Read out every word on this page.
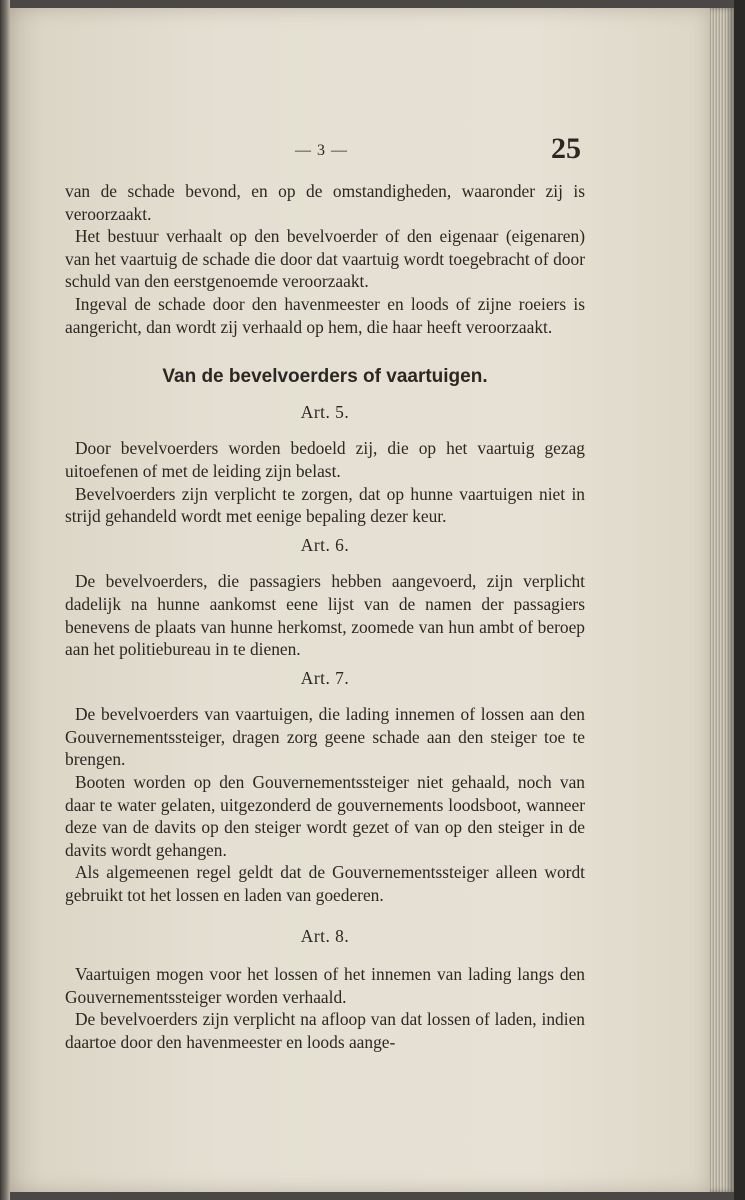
— 3 —	25

van de schade bevond, en op de omstandigheden, waaronder zij is veroorzaakt.

Het bestuur verhaalt op den bevelvoerder of den eigenaar (eigenaren) van het vaartuig de schade die door dat vaartuig wordt toegebracht of door schuld van den eerstgenoemde veroorzaakt.

Ingeval de schade door den havenmeester en loods of zijne roeiers is aangericht, dan wordt zij verhaald op hem, die haar heeft veroorzaakt.

Van de bevelvoerders of vaartuigen.
Art. 5.

Door bevelvoerders worden bedoeld zij, die op het vaartuig gezag uitoefenen of met de leiding zijn belast.

Bevelvoerders zijn verplicht te zorgen, dat op hunne vaartuigen niet in strijd gehandeld wordt met eenige bepaling dezer keur.

Art. 6.

De bevelvoerders, die passagiers hebben aangevoerd, zijn verplicht dadelijk na hunne aankomst eene lijst van de namen der passagiers benevens de plaats van hunne herkomst, zoomede van hun ambt of beroep aan het politiebureau in te dienen.

Art. 7.

De bevelvoerders van vaartuigen, die lading innemen of lossen aan den Gouvernementssteiger, dragen zorg geene schade aan den steiger toe te brengen.

Booten worden op den Gouvernementssteiger niet gehaald, noch van daar te water gelaten, uitgezonderd de gouvernements loodsboot, wanneer deze van de davits op den steiger wordt gezet of van op den steiger in de davits wordt gehangen.

Als algemeenen regel geldt dat de Gouvernementssteiger alleen wordt gebruikt tot het lossen en laden van goederen.

Art. 8.

Vaartuigen mogen voor het lossen of het innemen van lading langs den Gouvernementssteiger worden verhaald.

De bevelvoerders zijn verplicht na afloop van dat lossen of laden, indien daartoe door den havenmeester en loods aange-
